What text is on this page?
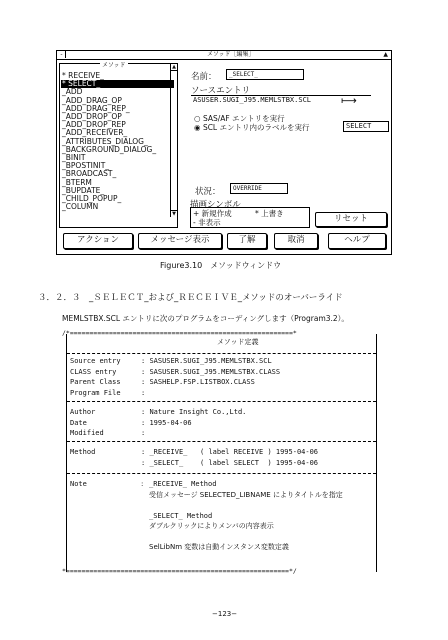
-	メソッド［編集］	▲
メソッド
* RECEIVE_
* SELECT_
_ADD
_ADD_DRAG_OP
_ADD_DRAG_REP_
_ADD_DROP_OP
_ADD_DROP_REP
_ADD_RECEIVER_
_ATTRIBUTES_DIALOG_
_BACKGROUND_DIALOG_
_BINIT
_BPOSTINIT_
_BROADCAST_
_BTERM
_BUPDATE_
_CHILD_POPUP_
_COLUMN
▲
▼
名前：	_SELECT_
ソースエントリ
ASUSER.SUGI_J95.MEMLSTBX.SCL	⟼
○ SAS/AF エントリを実行
◉ SCL エントリ内のラベルを実行	SELECT
状況：	OVERRIDE
描画シンボル
+ 新規作成	* 上書き
- 非表示	リセット
アクション	メッセージ表示	了解	取消	ヘルプ
Figure3.10　メソッドウィンドウ
３．２．３　_ＳＥＬＥＣＴ_および_ＲＥＣＥＩＶＥ_メソッドのオーバーライド
MEMLSTBX.SCL エントリに次のプログラムをコーディングします（Program3.2）。
/*=========================================================*
メソッド定義
Source entry	: SASUSER.SUGI_J95.MEMLSTBX.SCL
CLASS entry	: SASUSER.SUGI_J95.MEMLSTBX.CLASS
Parent Class	: SASHELP.FSP.LISTBOX.CLASS
Program File	:
Author	: Nature Insight Co.,Ltd.
Date	: 1995-04-06
Modified	:
Method	: _RECEIVE_   ( label RECEIVE ) 1995-04-06
: _SELECT_    ( label SELECT  ) 1995-04-06
Note	: _RECEIVE_ Method
受信メッセージ SELECTED_LIBNAME によりタイトルを指定
_SELECT_ Method
ダブルクリックによりメンバの内容表示
SelLibNm 変数は自動インスタンス変数定義
*=========================================================*/
−123−
